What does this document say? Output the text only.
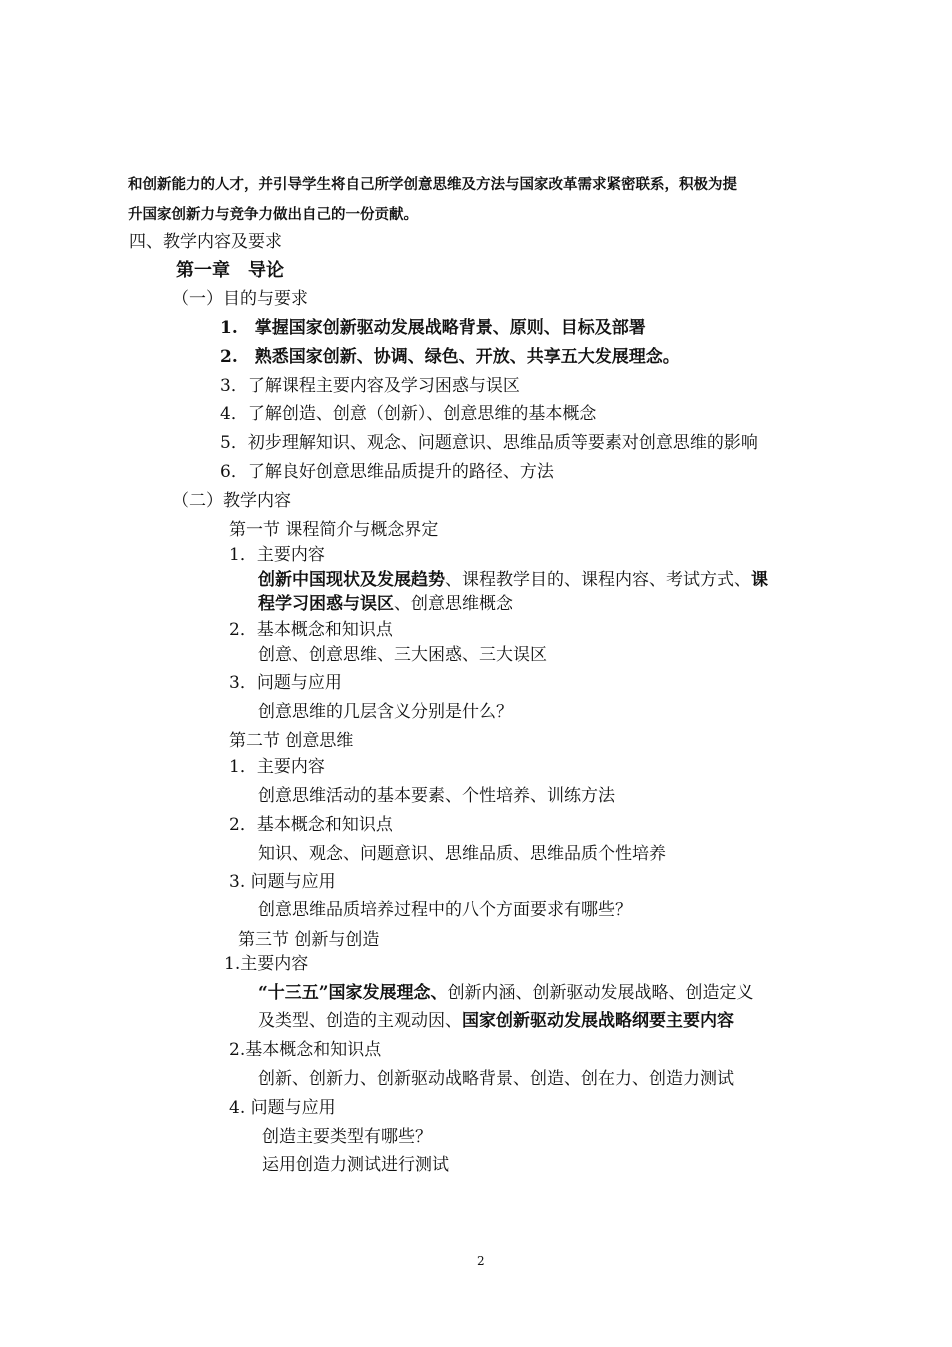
和创新能力的人才，并引导学生将自己所学创意思维及方法与国家改革需求紧密联系，积极为提
升国家创新力与竞争力做出自己的一份贡献。
四、教学内容及要求
第一章　导论
（一）目的与要求
1.　掌握国家创新驱动发展战略背景、原则、目标及部署
2.　熟悉国家创新、协调、绿色、开放、共享五大发展理念。
3．了解课程主要内容及学习困惑与误区
4．了解创造、创意（创新）、创意思维的基本概念
5．初步理解知识、观念、问题意识、思维品质等要素对创意思维的影响
6．了解良好创意思维品质提升的路径、方法
（二）教学内容
第一节 课程简介与概念界定
1．主要内容
创新中国现状及发展趋势、课程教学目的、课程内容、考试方式、课
程学习困惑与误区、创意思维概念
2．基本概念和知识点
创意、创意思维、三大困惑、三大误区
3．问题与应用
创意思维的几层含义分别是什么？
第二节 创意思维
1．主要内容
创意思维活动的基本要素、个性培养、训练方法
2．基本概念和知识点
知识、观念、问题意识、思维品质、思维品质个性培养
3. 问题与应用
创意思维品质培养过程中的八个方面要求有哪些？
第三节 创新与创造
1.主要内容
“十三五”国家发展理念、创新内涵、创新驱动发展战略、创造定义
及类型、创造的主观动因、国家创新驱动发展战略纲要主要内容
2.基本概念和知识点
创新、创新力、创新驱动战略背景、创造、创在力、创造力测试
4. 问题与应用
创造主要类型有哪些？
运用创造力测试进行测试
2
